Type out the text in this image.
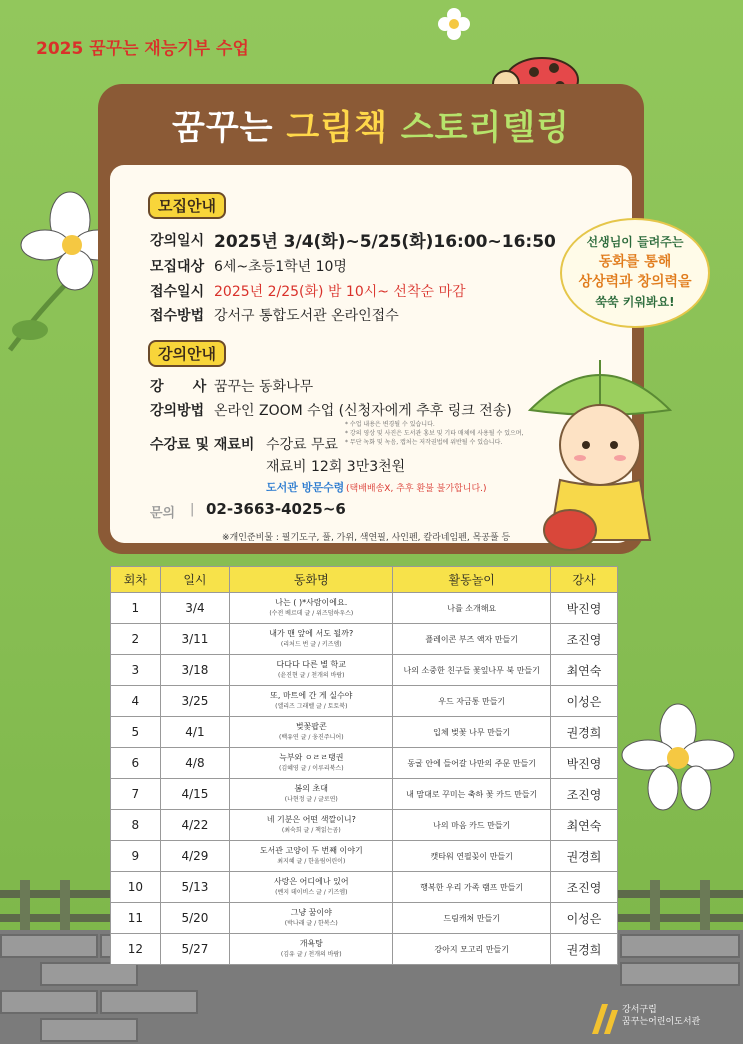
2025 꿈꾸는 재능기부 수업
꿈꾸는 그림책 스토리텔링
모집안내
강의일시 2025년 3/4(화)~5/25(화)16:00~16:50
모집대상 6세~초등1학년 10명
접수일시 2025년 2/25(화) 밤 10시~ 선착순 마감
접수방법 강서구 통합도서관 온라인접수
강의안내
강      사 꿈꾸는 동화나무
강의방법 온라인 ZOOM 수업 (신청자에게 추후 링크 전송)
* 수업 내용은 변경될 수 있습니다.
* 강의 영상 및 사진은 도서관 홍보 및 기타 매체에 사용될 수 있으며,
* 무단 녹화 및 녹음, 캡처는 저작권법에 위반될 수 있습니다.
수강료 및 재료비 수강료 무료
재료비 12회 3만3천원
도서관 방문수령 (택배배송X, 추후 환불 불가합니다.)
문의 | 02-3663-4025~6
※개인준비물 : 필기도구, 풀, 가위, 색연필, 사인펜, 칼라네임펜, 목공풀 등
선생님이 들려주는
동화를 통해
상상력과 창의력을
쑥쑥 키워봐요!
회차	일시	동화명	활동놀이	강사
1	3/4	나는 ( )*사람이에요.
(수전 베르데 글 / 위즈덤하우스)	나를 소개해요	박진영
2	3/11	내가 맨 앞에 서도 될까?
(리처드 번 글 / 키즈엠)	플레이콘 부즈 액자 만들기	조진영
3	3/18	다다다 다른 별 학교
(윤진현 글 / 천개의 바람)	나의 소중한 친구들 꽃잎나무 북 만들기	최연숙
4	3/25	또, 마트에 간 게 실수야
(엘리즈 그래벨 글 / 토토북)	우드 자금통 만들기	이성은
5	4/1	벚꽃팝콘
(백유연 글 / 웅진주니어)	입체 벚꽃 나무 만들기	권경희
6	4/8	늑부와 ㅇㄹㄹ탱권
(김혜영 글 / 이루리북스)	동굴 안에 들어갈 나만의 주문 만들기	박진영
7	4/15	봄의 초대
(나현정 글 / 글로연)	내 맘대로 꾸미는 축하 꽃 카드 만들기	조진영
8	4/22	네 기분은 어떤 색깔이니?
(최숙희 글 / 책읽는곰)	나의 마음 카드 만들기	최연숙
9	4/29	도서관 고양이 두 번째 이야기
최지혜 글 / 한울림어린이)	캣타워 연필꽂이 만들기	권경희
10	5/13	사랑은 어디에나 있어
(벤지 데이비스 글 / 키즈엠)	행복한 우리 가족 램프 만들기	조진영
11	5/20	그냥 꿈이야
(박나래 글 / 한복스)	드림캐쳐 만들기	이성은
12	5/27	개욕탕
(김유 글 / 천개의 바람)	강아지 모고리 만들기	권경희
강서구립
꿈꾸는어린이도서관
